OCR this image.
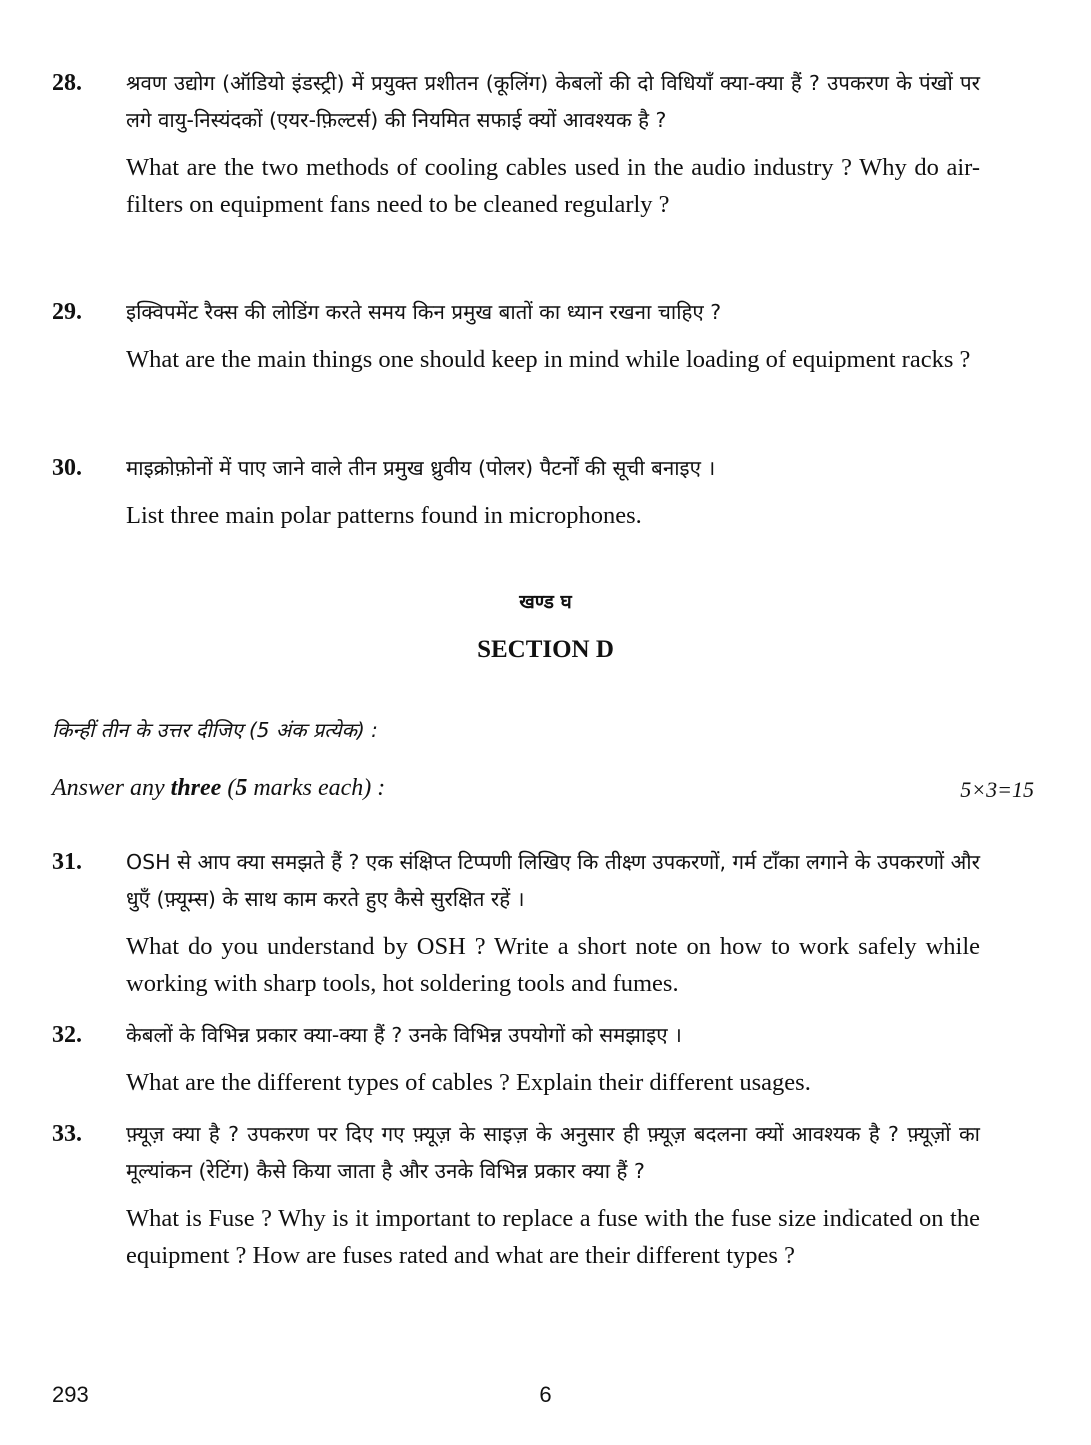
28. श्रवण उद्योग (ऑडियो इंडस्ट्री) में प्रयुक्त प्रशीतन (कूलिंग) केबलों की दो विधियाँ क्या-क्या हैं ? उपकरण के पंखों पर लगे वायु-निस्यंदकों (एयर-फ़िल्टर्स) की नियमित सफाई क्यों आवश्यक है ?

What are the two methods of cooling cables used in the audio industry ? Why do air-filters on equipment fans need to be cleaned regularly ?

29. इक्विपमेंट रैक्स की लोडिंग करते समय किन प्रमुख बातों का ध्यान रखना चाहिए ?

What are the main things one should keep in mind while loading of equipment racks ?

30. माइक्रोफ़ोनों में पाए जाने वाले तीन प्रमुख ध्रुवीय (पोलर) पैटर्नों की सूची बनाइए ।

List three main polar patterns found in microphones.

खण्ड घ
SECTION D
किन्हीं तीन के उत्तर दीजिए (5 अंक प्रत्येक) :
Answer any three (5 marks each) :	5×3=15
31. OSH से आप क्या समझते हैं ? एक संक्षिप्त टिप्पणी लिखिए कि तीक्ष्ण उपकरणों, गर्म टाँका लगाने के उपकरणों और धुएँ (फ़्यूम्स) के साथ काम करते हुए कैसे सुरक्षित रहें ।

What do you understand by OSH ? Write a short note on how to work safely while working with sharp tools, hot soldering tools and fumes.

32. केबलों के विभिन्न प्रकार क्या-क्या हैं ? उनके विभिन्न उपयोगों को समझाइए ।

What are the different types of cables ? Explain their different usages.

33. फ़्यूज़ क्या है ? उपकरण पर दिए गए फ़्यूज़ के साइज़ के अनुसार ही फ़्यूज़ बदलना क्यों आवश्यक है ? फ़्यूज़ों का मूल्यांकन (रेटिंग) कैसे किया जाता है और उनके विभिन्न प्रकार क्या हैं ?

What is Fuse ? Why is it important to replace a fuse with the fuse size indicated on the equipment ? How are fuses rated and what are their different types ?

293	6
